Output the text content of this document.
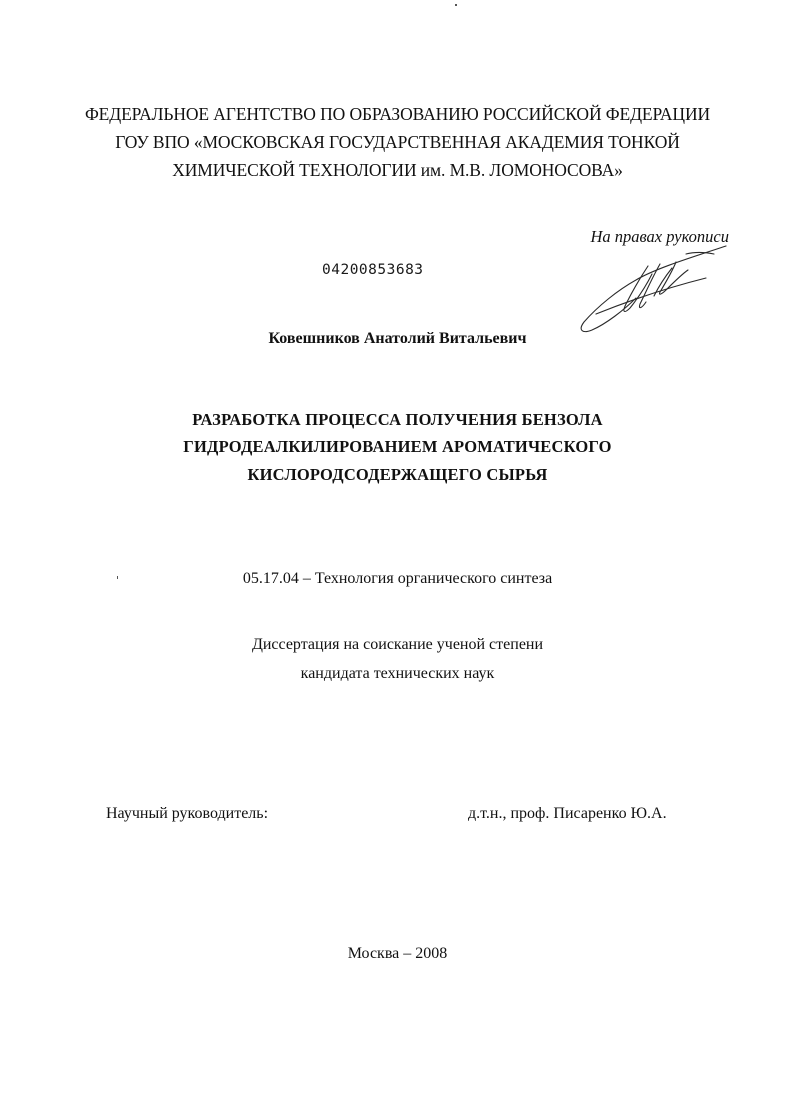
ФЕДЕРАЛЬНОЕ АГЕНТСТВО ПО ОБРАЗОВАНИЮ РОССИЙСКОЙ ФЕДЕРАЦИИ
ГОУ ВПО «МОСКОВСКАЯ ГОСУДАРСТВЕННАЯ АКАДЕМИЯ ТОНКОЙ
ХИМИЧЕСКОЙ ТЕХНОЛОГИИ им. М.В. ЛОМОНОСОВА»
На правах рукописи
04200853683
Ковешников Анатолий Витальевич
РАЗРАБОТКА ПРОЦЕССА ПОЛУЧЕНИЯ БЕНЗОЛА
ГИДРОДЕАЛКИЛИРОВАНИЕМ АРОМАТИЧЕСКОГО
КИСЛОРОДСОДЕРЖАЩЕГО СЫРЬЯ
05.17.04 – Технология органического синтеза
Диссертация на соискание ученой степени
кандидата технических наук
Научный руководитель:	д.т.н., проф. Писаренко Ю.А.
Москва – 2008
